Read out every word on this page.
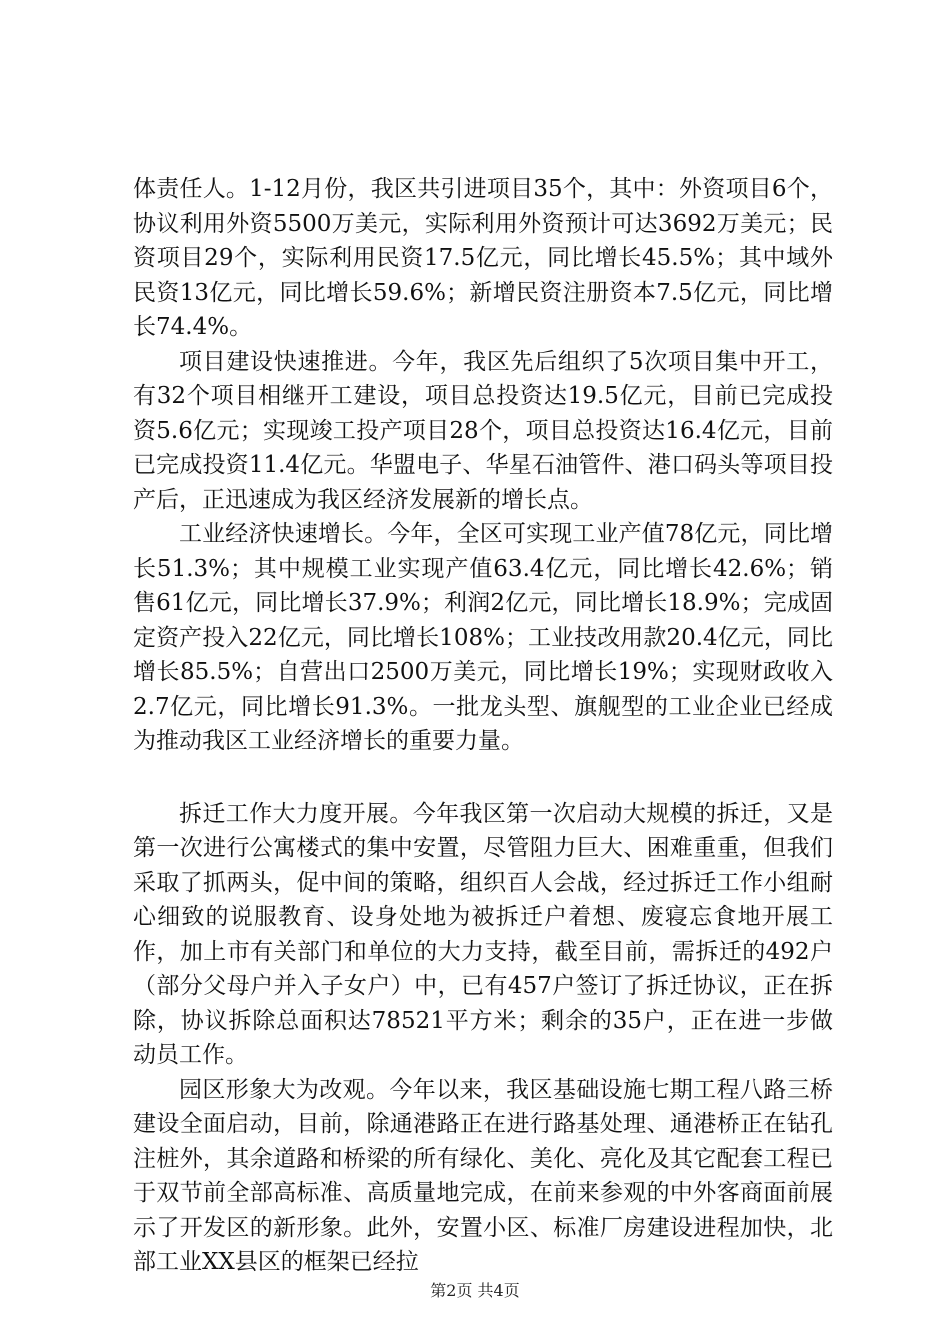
体责任人。1-12月份，我区共引进项目35个，其中：外资项目6个，协议利用外资5500万美元，实际利用外资预计可达3692万美元；民资项目29个，实际利用民资17.5亿元，同比增长45.5%；其中域外民资13亿元，同比增长59.6%；新增民资注册资本7.5亿元，同比增长74.4%。

项目建设快速推进。今年，我区先后组织了5次项目集中开工，有32个项目相继开工建设，项目总投资达19.5亿元，目前已完成投资5.6亿元；实现竣工投产项目28个，项目总投资达16.4亿元，目前已完成投资11.4亿元。华盟电子、华星石油管件、港口码头等项目投产后，正迅速成为我区经济发展新的增长点。

工业经济快速增长。今年，全区可实现工业产值78亿元，同比增长51.3%；其中规模工业实现产值63.4亿元，同比增长42.6%；销售61亿元，同比增长37.9%；利润2亿元，同比增长18.9%；完成固定资产投入22亿元，同比增长108%；工业技改用款20.4亿元，同比增长85.5%；自营出口2500万美元，同比增长19%；实现财政收入2.7亿元，同比增长91.3%。一批龙头型、旗舰型的工业企业已经成为推动我区工业经济增长的重要力量。

拆迁工作大力度开展。今年我区第一次启动大规模的拆迁，又是第一次进行公寓楼式的集中安置，尽管阻力巨大、困难重重，但我们采取了抓两头，促中间的策略，组织百人会战，经过拆迁工作小组耐心细致的说服教育、设身处地为被拆迁户着想、废寝忘食地开展工作，加上市有关部门和单位的大力支持，截至目前，需拆迁的492户（部分父母户并入子女户）中，已有457户签订了拆迁协议，正在拆除，协议拆除总面积达78521平方米；剩余的35户，正在进一步做动员工作。

园区形象大为改观。今年以来，我区基础设施七期工程八路三桥建设全面启动，目前，除通港路正在进行路基处理、通港桥正在钻孔注桩外，其余道路和桥梁的所有绿化、美化、亮化及其它配套工程已于双节前全部高标准、高质量地完成，在前来参观的中外客商面前展示了开发区的新形象。此外，安置小区、标准厂房建设进程加快，北部工业XX县区的框架已经拉

第2页 共4页
